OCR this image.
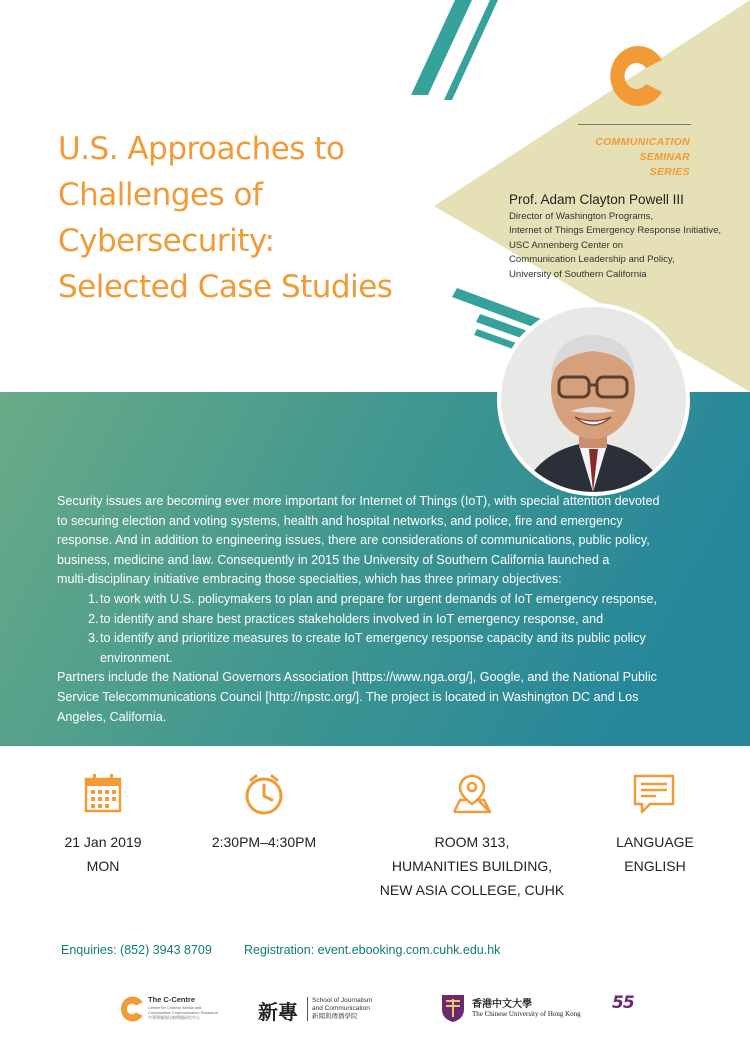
U.S. Approaches to
Challenges of
Cybersecurity:
Selected Case Studies
COMMUNICATION
SEMINAR
SERIES
Prof. Adam Clayton Powell III
Director of Washington Programs,
Internet of Things Emergency Response Initiative,
USC Annenberg Center on
Communication Leadership and Policy,
University of Southern California

Security issues are becoming ever more important for Internet of Things (IoT), with special attention devoted

to securing election and voting systems, health and hospital networks, and police, fire and emergency

response. And in addition to engineering issues, there are considerations of communications, public policy,

business, medicine and law. Consequently in 2015 the University of Southern California launched a

multi-disciplinary initiative embracing those specialties, which has three primary objectives:

1. to work with U.S. policymakers to plan and prepare for urgent demands of IoT emergency response,
2. to identify and share best practices stakeholders involved in IoT emergency response, and
3. to identify and prioritize measures to create IoT emergency response capacity and its public policy
environment.

Partners include the National Governors Association [https://www.nga.org/], Google, and the National Public

Service Telecommunications Council [http://npstc.org/]. The project is located in Washington DC and Los

Angeles, California.

21 Jan 2019
MON
2:30PM–4:30PM	ROOM 313,
HUMANITIES BUILDING,
NEW ASIA COLLEGE, CUHK
LANGUAGE
ENGLISH
Enquiries: (852) 3943 8709	Registration: event.ebooking.com.cuhk.edu.hk
The C-Centre
Centre for Chinese Media and
Comparative Communication Research
中華傳媒與比較傳播研究中心	新專 School of Journalism
and Communication
新聞與傳播學院
香港中文大學
The Chinese University of Hong Kong
55
